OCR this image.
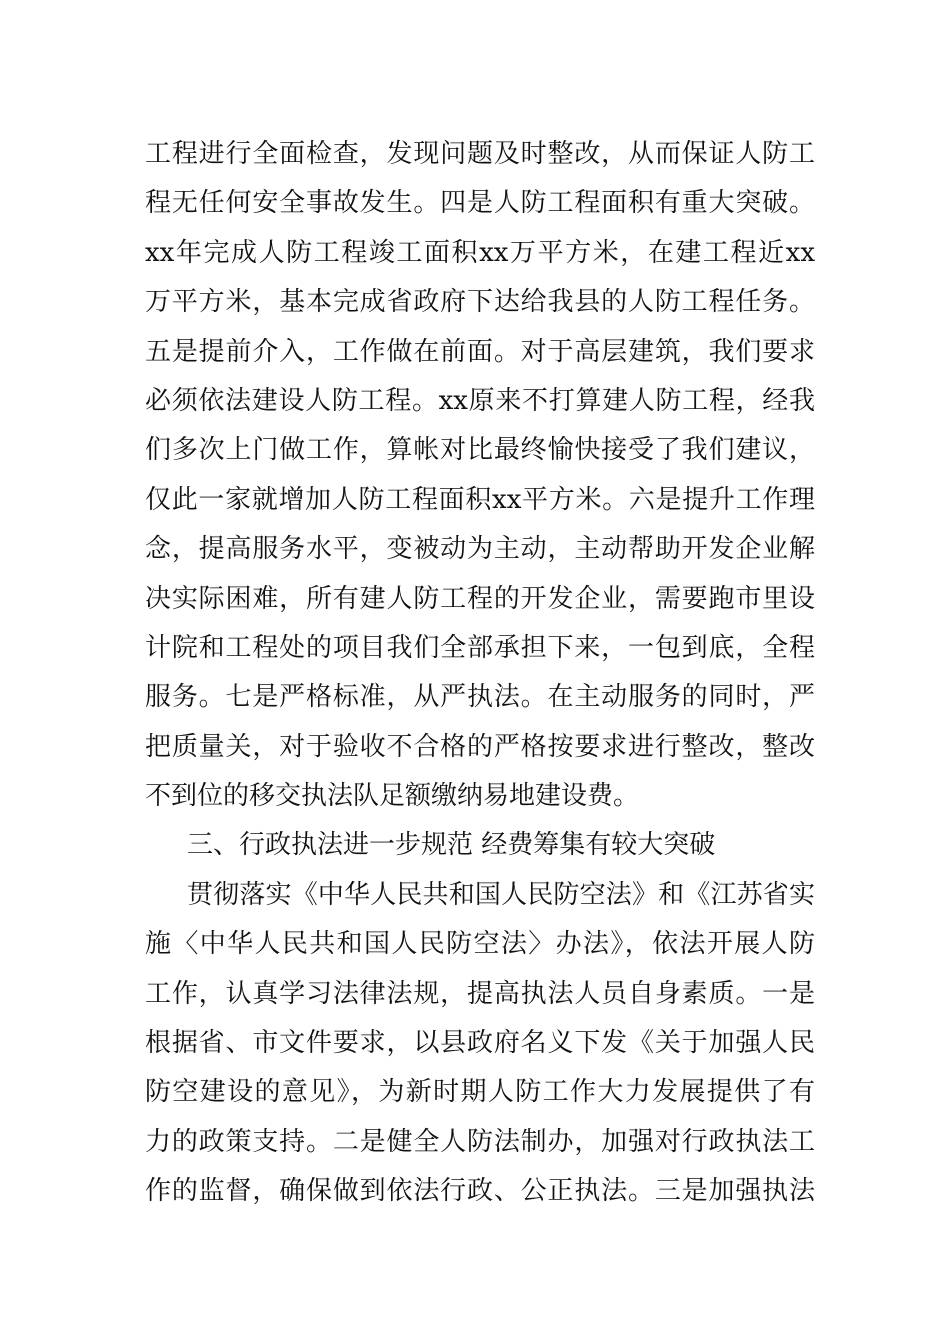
工程进行全面检查，发现问题及时整改，从而保证人防工
程无任何安全事故发生。四是人防工程面积有重大突破。
xx年完成人防工程竣工面积xx万平方米，在建工程近xx
万平方米，基本完成省政府下达给我县的人防工程任务。
五是提前介入，工作做在前面。对于高层建筑，我们要求
必须依法建设人防工程。xx原来不打算建人防工程，经我
们多次上门做工作，算帐对比最终愉快接受了我们建议，
仅此一家就增加人防工程面积xx平方米。六是提升工作理
念，提高服务水平，变被动为主动，主动帮助开发企业解
决实际困难，所有建人防工程的开发企业，需要跑市里设
计院和工程处的项目我们全部承担下来，一包到底，全程
服务。七是严格标准，从严执法。在主动服务的同时，严
把质量关，对于验收不合格的严格按要求进行整改，整改
不到位的移交执法队足额缴纳易地建设费。
三、行政执法进一步规范 经费筹集有较大突破
贯彻落实《中华人民共和国人民防空法》和《江苏省实
施〈中华人民共和国人民防空法〉办法》，依法开展人防
工作，认真学习法律法规，提高执法人员自身素质。一是
根据省、市文件要求，以县政府名义下发《关于加强人民
防空建设的意见》，为新时期人防工作大力发展提供了有
力的政策支持。二是健全人防法制办，加强对行政执法工
作的监督，确保做到依法行政、公正执法。三是加强执法
